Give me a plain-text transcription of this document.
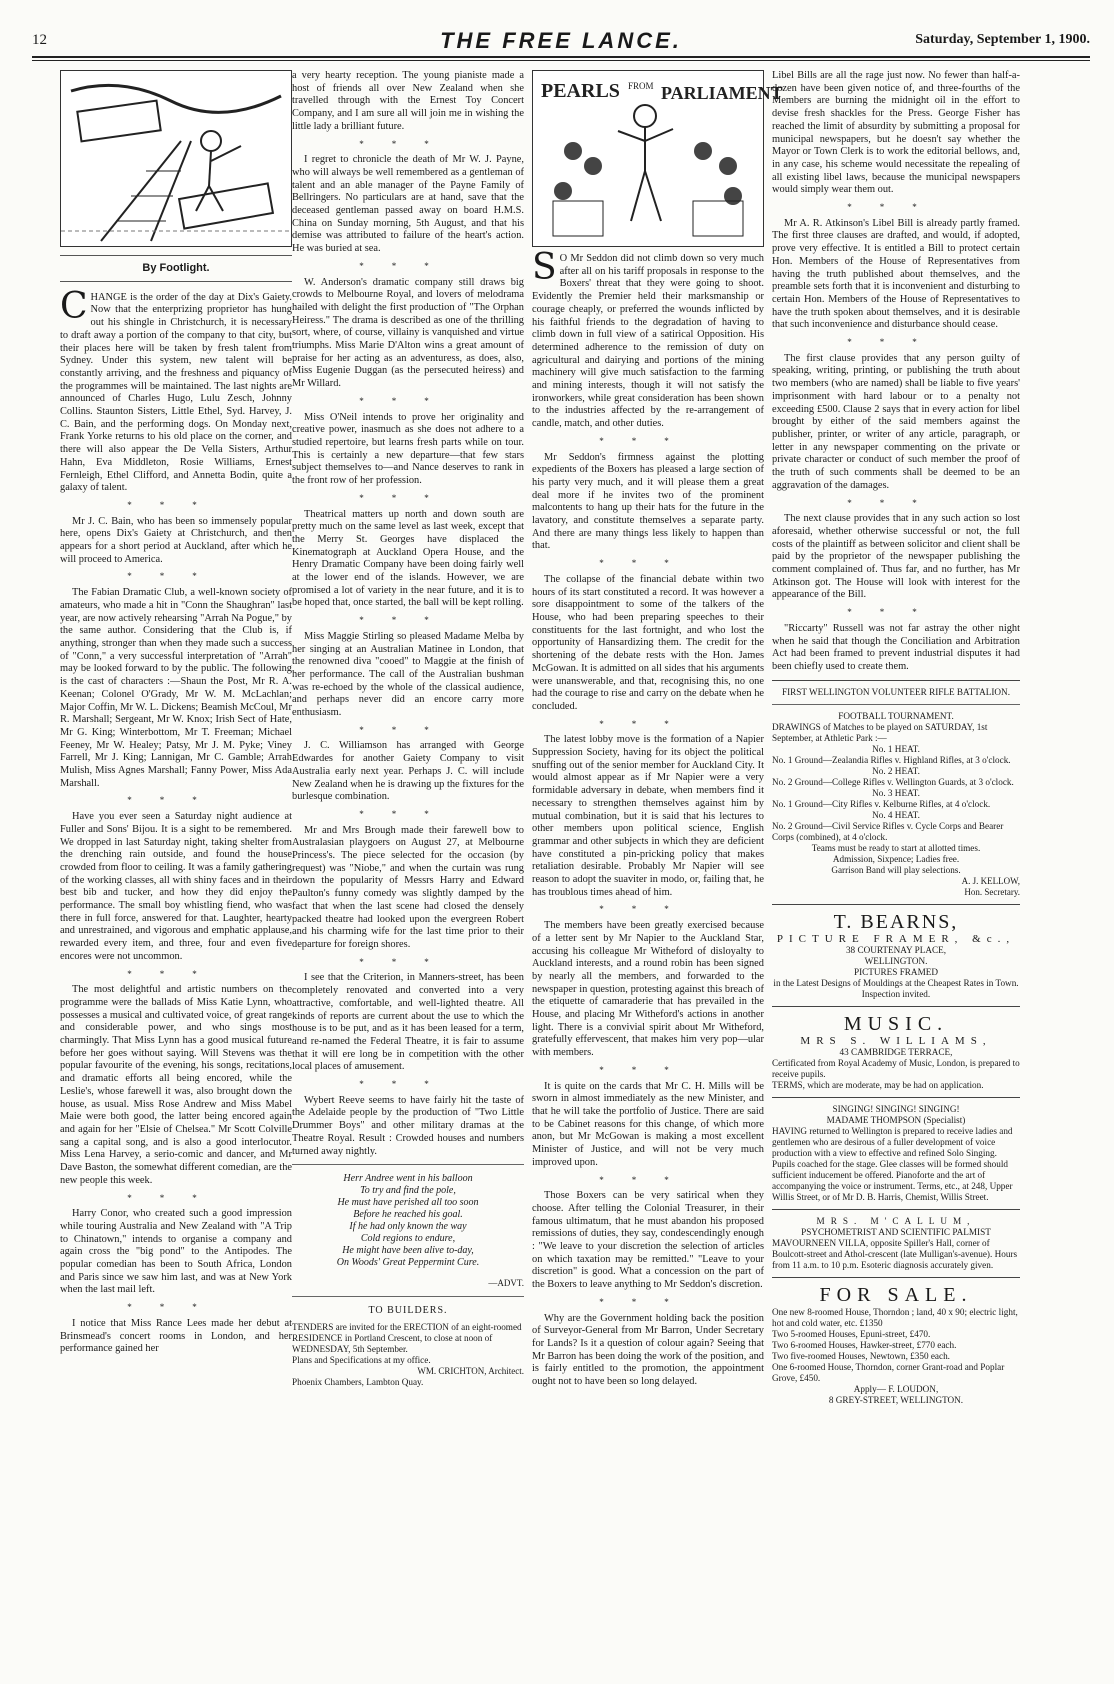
12	THE FREE LANCE.	Saturday, September 1, 1900.
By Footlight.

CHANGE is the order of the day at Dix's Gaiety. Now that the enterprizing proprietor has hung out his shingle in Christchurch, it is necessary to draft away a portion of the company to that city, but their places here will be taken by fresh talent from Sydney. Under this system, new talent will be constantly arriving, and the freshness and piquancy of the programmes will be maintained. The last nights are announced of Charles Hugo, Lulu Zesch, Johnny Collins. Staunton Sisters, Little Ethel, Syd. Harvey, J. C. Bain, and the performing dogs. On Monday next, Frank Yorke returns to his old place on the corner, and there will also appear the De Vella Sisters, Arthur Hahn, Eva Middleton, Rosie Williams, Ernest Fernleigh, Ethel Clifford, and Annetta Bodin, quite a galaxy of talent.

***

Mr J. C. Bain, who has been so immensely popular here, opens Dix's Gaiety at Christchurch, and then appears for a short period at Auckland, after which he will proceed to America.

***

The Fabian Dramatic Club, a well-known society of amateurs, who made a hit in "Conn the Shaughran" last year, are now actively rehearsing "Arrah Na Pogue," by the same author. Considering that the Club is, if anything, stronger than when they made such a success of "Conn," a very successful interpretation of "Arrah" may be looked forward to by the public. The following is the cast of characters :—Shaun the Post, Mr R. A. Keenan; Colonel O'Grady, Mr W. M. McLachlan; Major Coffin, Mr W. L. Dickens; Beamish McCoul, Mr R. Marshall; Sergeant, Mr W. Knox; Irish Sect of Hate, Mr G. King; Winterbottom, Mr T. Freeman; Michael Feeney, Mr W. Healey; Patsy, Mr J. M. Pyke; Viney Farrell, Mr J. King; Lannigan, Mr C. Gamble; Arrah Mulish, Miss Agnes Marshall; Fanny Power, Miss Ada Marshall.

***

Have you ever seen a Saturday night audience at Fuller and Sons' Bijou. It is a sight to be remembered. We dropped in last Saturday night, taking shelter from the drenching rain outside, and found the house crowded from floor to ceiling. It was a family gathering of the working classes, all with shiny faces and in their best bib and tucker, and how they did enjoy the performance. The small boy whistling fiend, who was there in full force, answered for that. Laughter, hearty and unrestrained, and vigorous and emphatic applause, rewarded every item, and three, four and even five encores were not uncommon.

***

The most delightful and artistic numbers on the programme were the ballads of Miss Katie Lynn, who possesses a musical and cultivated voice, of great range and considerable power, and who sings most charmingly. That Miss Lynn has a good musical future before her goes without saying. Will Stevens was the popular favourite of the evening, his songs, recitations, and dramatic efforts all being encored, while the Leslie's, whose farewell it was, also brought down the house, as usual. Miss Rose Andrew and Miss Mabel Maie were both good, the latter being encored again and again for her "Elsie of Chelsea." Mr Scott Colville sang a capital song, and is also a good interlocutor. Miss Lena Harvey, a serio-comic and dancer, and Mr Dave Baston, the somewhat different comedian, are the new people this week.

***

Harry Conor, who created such a good impression while touring Australia and New Zealand with "A Trip to Chinatown," intends to organise a company and again cross the "big pond" to the Antipodes. The popular comedian has been to South Africa, London and Paris since we saw him last, and was at New York when the last mail left.

***

I notice that Miss Rance Lees made her debut at Brinsmead's concert rooms in London, and her performance gained her

a very hearty reception. The young pianiste made a host of friends all over New Zealand when she travelled through with the Ernest Toy Concert Company, and I am sure all will join me in wishing the little lady a brilliant future.

***

I regret to chronicle the death of Mr W. J. Payne, who will always be well remembered as a gentleman of talent and an able manager of the Payne Family of Bellringers. No particulars are at hand, save that the deceased gentleman passed away on board H.M.S. China on Sunday morning, 5th August, and that his demise was attributed to failure of the heart's action. He was buried at sea.

***

W. Anderson's dramatic company still draws big crowds to Melbourne Royal, and lovers of melodrama hailed with delight the first production of "The Orphan Heiress." The drama is described as one of the thrilling sort, where, of course, villainy is vanquished and virtue triumphs. Miss Marie D'Alton wins a great amount of praise for her acting as an adventuress, as does, also, Miss Eugenie Duggan (as the persecuted heiress) and Mr Willard.

***

Miss O'Neil intends to prove her originality and creative power, inasmuch as she does not adhere to a studied repertoire, but learns fresh parts while on tour. This is certainly a new departure—that few stars subject themselves to—and Nance deserves to rank in the front row of her profession.

***

Theatrical matters up north and down south are pretty much on the same level as last week, except that the Merry St. Georges have displaced the Kinematograph at Auckland Opera House, and the Henry Dramatic Company have been doing fairly well at the lower end of the islands. However, we are promised a lot of variety in the near future, and it is to be hoped that, once started, the ball will be kept rolling.

***

Miss Maggie Stirling so pleased Madame Melba by her singing at an Australian Matinee in London, that the renowned diva "cooed" to Maggie at the finish of her performance. The call of the Australian bushman was re-echoed by the whole of the classical audience, and perhaps never did an encore carry more enthusiasm.

***

J. C. Williamson has arranged with George Edwardes for another Gaiety Company to visit Australia early next year. Perhaps J. C. will include New Zealand when he is drawing up the fixtures for the burlesque combination.

***

Mr and Mrs Brough made their farewell bow to Australasian playgoers on August 27, at Melbourne Princess's. The piece selected for the occasion (by request) was "Niobe," and when the curtain was rung down the popularity of Messrs Harry and Edward Paulton's funny comedy was slightly damped by the fact that when the last scene had closed the densely packed theatre had looked upon the evergreen Robert and his charming wife for the last time prior to their departure for foreign shores.

***

I see that the Criterion, in Manners-street, has been completely renovated and converted into a very attractive, comfortable, and well-lighted theatre. All kinds of reports are current about the use to which the house is to be put, and as it has been leased for a term, and re-named the Federal Theatre, it is fair to assume that it will ere long be in competition with the other local places of amusement.

***

Wybert Reeve seems to have fairly hit the taste of the Adelaide people by the production of "Two Little Drummer Boys" and other military dramas at the Theatre Royal. Result : Crowded houses and numbers turned away nightly.

Herr Andree went in his balloon
To try and find the pole,
He must have perished all too soon
Before he reached his goal.
If he had only known the way
Cold regions to endure,
He might have been alive to-day,
On Woods' Great Peppermint Cure.
—ADVT.
TO BUILDERS.
TENDERS are invited for the ERECTION of an eight-roomed RESIDENCE in Portland Crescent, to close at noon of WEDNESDAY, 5th September.
Plans and Specifications at my office.
WM. CRICHTON, Architect.
Phoenix Chambers, Lambton Quay.
PEARLS FROM PARLIAMENT

S O Mr Seddon did not climb down so very much after all on his tariff proposals in response to the Boxers' threat that they were going to shoot. Evidently the Premier held their marksmanship or courage cheaply, or preferred the wounds inflicted by his faithful friends to the degradation of having to climb down in full view of a satirical Opposition. His determined adherence to the remission of duty on agricultural and dairying and portions of the mining machinery will give much satisfaction to the farming and mining interests, though it will not satisfy the ironworkers, while great consideration has been shown to the industries affected by the re-arrangement of candle, match, and other duties.

***

Mr Seddon's firmness against the plotting expedients of the Boxers has pleased a large section of his party very much, and it will please them a great deal more if he invites two of the prominent malcontents to hang up their hats for the future in the lavatory, and constitute themselves a separate party. And there are many things less likely to happen than that.

***

The collapse of the financial debate within two hours of its start constituted a record. It was however a sore disappointment to some of the talkers of the House, who had been preparing speeches to their constituents for the last fortnight, and who lost the opportunity of Hansardizing them. The credit for the shortening of the debate rests with the Hon. James McGowan. It is admitted on all sides that his arguments were unanswerable, and that, recognising this, no one had the courage to rise and carry on the debate when he concluded.

***

The latest lobby move is the formation of a Napier Suppression Society, having for its object the political snuffing out of the senior member for Auckland City. It would almost appear as if Mr Napier were a very formidable adversary in debate, when members find it necessary to strengthen themselves against him by mutual combination, but it is said that his lectures to other members upon political science, English grammar and other subjects in which they are deficient have constituted a pin-pricking policy that makes retaliation desirable. Probably Mr Napier will see reason to adopt the suaviter in modo, or, failing that, he has troublous times ahead of him.

***

The members have been greatly exercised because of a letter sent by Mr Napier to the Auckland Star, accusing his colleague Mr Witheford of disloyalty to Auckland interests, and a round robin has been signed by nearly all the members, and forwarded to the newspaper in question, protesting against this breach of the etiquette of camaraderie that has prevailed in the House, and placing Mr Witheford's actions in another light. There is a convivial spirit about Mr Witheford, gratefully effervescent, that makes him very pop—ular with members.

***

It is quite on the cards that Mr C. H. Mills will be sworn in almost immediately as the new Minister, and that he will take the portfolio of Justice. There are said to be Cabinet reasons for this change, of which more anon, but Mr McGowan is making a most excellent Minister of Justice, and will not be very much improved upon.

***

Those Boxers can be very satirical when they choose. After telling the Colonial Treasurer, in their famous ultimatum, that he must abandon his proposed remissions of duties, they say, condescendingly enough : "We leave to your discretion the selection of articles on which taxation may be remitted." "Leave to your discretion" is good. What a concession on the part of the Boxers to leave anything to Mr Seddon's discretion.

***

Why are the Government holding back the position of Surveyor-General from Mr Barron, Under Secretary for Lands? Is it a question of colour again? Seeing that Mr Barron has been doing the work of the position, and is fairly entitled to the promotion, the appointment ought not to have been so long delayed.

Libel Bills are all the rage just now. No fewer than half-a-dozen have been given notice of, and three-fourths of the Members are burning the midnight oil in the effort to devise fresh shackles for the Press. George Fisher has reached the limit of absurdity by submitting a proposal for municipal newspapers, but he doesn't say whether the Mayor or Town Clerk is to work the editorial bellows, and, in any case, his scheme would necessitate the repealing of all existing libel laws, because the municipal newspapers would simply wear them out.

***

Mr A. R. Atkinson's Libel Bill is already partly framed. The first three clauses are drafted, and would, if adopted, prove very effective. It is entitled a Bill to protect certain Hon. Members of the House of Representatives from having the truth published about themselves, and the preamble sets forth that it is inconvenient and disturbing to certain Hon. Members of the House of Representatives to have the truth spoken about themselves, and it is desirable that such inconvenience and disturbance should cease.

***

The first clause provides that any person guilty of speaking, writing, printing, or publishing the truth about two members (who are named) shall be liable to five years' imprisonment with hard labour or to a penalty not exceeding £500. Clause 2 says that in every action for libel brought by either of the said members against the publisher, printer, or writer of any article, paragraph, or letter in any newspaper commenting on the private or private character or conduct of such member the proof of the truth of such comments shall be deemed to be an aggravation of the damages.

***

The next clause provides that in any such action so lost aforesaid, whether otherwise successful or not, the full costs of the plaintiff as between solicitor and client shall be paid by the proprietor of the newspaper publishing the comment complained of. Thus far, and no further, has Mr Atkinson got. The House will look with interest for the appearance of the Bill.

***

"Riccarty" Russell was not far astray the other night when he said that though the Conciliation and Arbitration Act had been framed to prevent industrial disputes it had been chiefly used to create them.

FIRST WELLINGTON VOLUNTEER RIFLE BATTALION.
FOOTBALL TOURNAMENT.
DRAWINGS of Matches to be played on SATURDAY, 1st September, at Athletic Park :—
No. 1 HEAT.
No. 1 Ground—Zealandia Rifles v. Highland Rifles, at 3 o'clock.
No. 2 HEAT.
No. 2 Ground—College Rifles v. Wellington Guards, at 3 o'clock.
No. 3 HEAT.
No. 1 Ground—City Rifles v. Kelburne Rifles, at 4 o'clock.
No. 4 HEAT.
No. 2 Ground—Civil Service Rifles v. Cycle Corps and Bearer Corps (combined), at 4 o'clock.
Teams must be ready to start at allotted times.
Admission, Sixpence; Ladies free.
Garrison Band will play selections.
A. J. KELLOW,
Hon. Secretary.
T. BEARNS,
PICTURE FRAMER, &c.,
38 COURTENAY PLACE,
WELLINGTON.
PICTURES FRAMED
in the Latest Designs of Mouldings at the Cheapest Rates in Town. Inspection invited.
MUSIC.
MRS S. WILLIAMS,
43 CAMBRIDGE TERRACE,
Certificated from Royal Academy of Music, London, is prepared to receive pupils.
TERMS, which are moderate, may be had on application.
SINGING! SINGING! SINGING!
MADAME THOMPSON (Specialist)
HAVING returned to Wellington is prepared to receive ladies and gentlemen who are desirous of a fuller development of voice production with a view to effective and refined Solo Singing. Pupils coached for the stage. Glee classes will be formed should sufficient inducement be offered. Pianoforte and the art of accompanying the voice or instrument. Terms, etc., at 248, Upper Willis Street, or of Mr D. B. Harris, Chemist, Willis Street.
MRS. M'CALLUM,
PSYCHOMETRIST AND SCIENTIFIC PALMIST
MAVOURNEEN VILLA, opposite Spiller's Hall, corner of Boulcott-street and Athol-crescent (late Mulligan's-avenue). Hours from 11 a.m. to 10 p.m. Esoteric diagnosis accurately given.
FOR SALE.
One new 8-roomed House, Thorndon ; land, 40 x 90; electric light, hot and cold water, etc. £1350
Two 5-roomed Houses, Epuni-street, £470.
Two 6-roomed Houses, Hawker-street, £770 each.
Two five-roomed Houses, Newtown, £350 each.
One 6-roomed House, Thorndon, corner Grant-road and Poplar Grove, £450.
Apply— F. LOUDON,
8 GREY-STREET, WELLINGTON.
